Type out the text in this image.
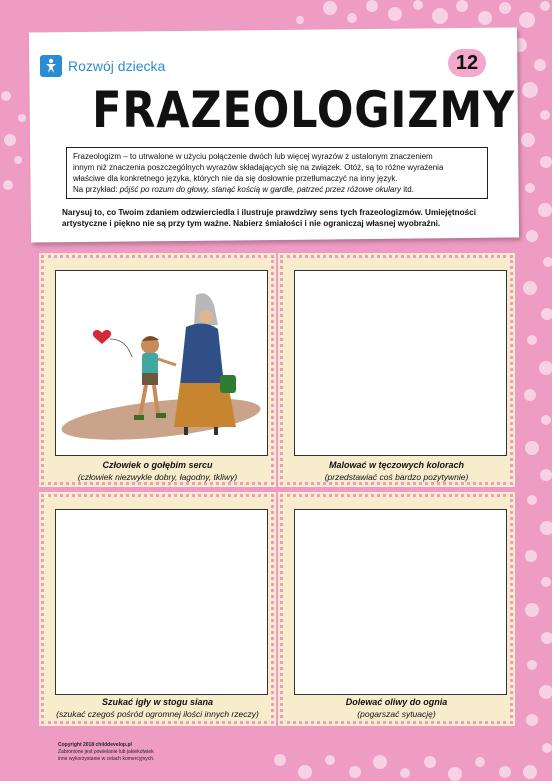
Rozwój dziecka	12
FRAZEOLOGIZMY

Frazeologizm – to utrwalone w użyciu połączenie dwóch lub więcej wyrazów z ustalonym znaczeniem

innym niż znaczenia poszczególnych wyrazów składających się na związek. Otóż, są to różne wyrażenia

właściwe dla konkretnego języka, których nie da się dosłownie przetłumaczyć na inny język.

Na przykład: pójść po rozum do głowy, stanąć kością w gardle, patrzeć przez różowe okulary itd.

Narysuj to, co Twoim zdaniem odzwierciedla i ilustruje prawdziwy sens tych frazeologizmów. Umiejętności artystyczne i piękno nie są przy tym ważne. Nabierz śmiałości i nie ograniczaj własnej wyobraźni.
Człowiek o gołębim sercu
(człowiek niezwykle dobry, łagodny, tkliwy)
Malować w tęczowych kolorach
(przedstawiać coś bardzo pozytywnie)
Szukać igły w stogu siana
(szukać czegoś pośród ogromnej ilości innych rzeczy)
Dolewać oliwy do ognia
(pogarszać sytuację)
Copyright 2018 childdevelop.pl
Zabronione jest powielanie lub jakiekolwiek
inne wykorzystanie w celach komercyjnych.
